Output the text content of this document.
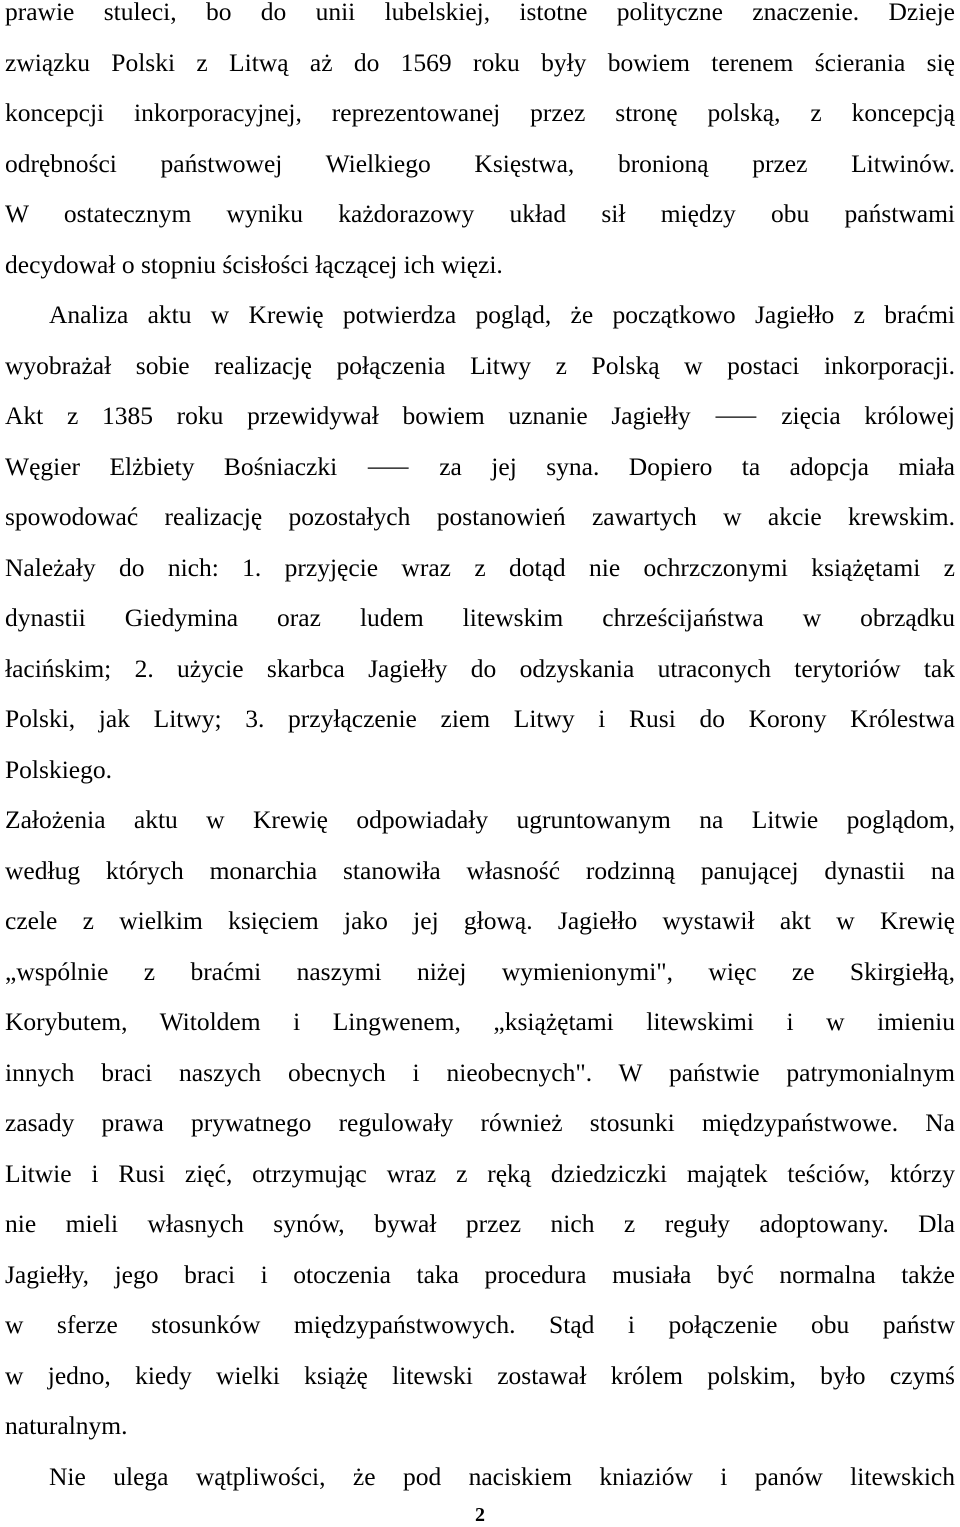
prawie stuleci, bo do unii lubelskiej, istotne polityczne znaczenie. Dzieje
związku Polski z Litwą aż do 1569 roku były bowiem terenem ścierania się
koncepcji inkorporacyjnej, reprezentowanej przez stronę polską, z koncepcją
odrębności państwowej Wielkiego Księstwa, bronioną przez Litwinów.
W ostatecznym wyniku każdorazowy układ sił między obu państwami
decydował o stopniu ścisłości łączącej ich więzi.
Analiza aktu w Krewię potwierdza pogląd, że początkowo Jagiełło z braćmi
wyobrażał sobie realizację połączenia Litwy z Polską w postaci inkorporacji.
Akt z 1385 roku przewidywał bowiem uznanie Jagiełły ⸺ zięcia królowej
Węgier Elżbiety Bośniaczki ⸺ za jej syna. Dopiero ta adopcja miała
spowodować realizację pozostałych postanowień zawartych w akcie krewskim.
Należały do nich: 1. przyjęcie wraz z dotąd nie ochrzczonymi książętami z
dynastii Giedymina oraz ludem litewskim chrześcijaństwa w obrządku
łacińskim; 2. użycie skarbca Jagiełły do odzyskania utraconych terytoriów tak
Polski, jak Litwy; 3. przyłączenie ziem Litwy i Rusi do Korony Królestwa
Polskiego.
Założenia aktu w Krewię odpowiadały ugruntowanym na Litwie poglądom,
według których monarchia stanowiła własność rodzinną panującej dynastii na
czele z wielkim księciem jako jej głową. Jagiełło wystawił akt w Krewię
„wspólnie z braćmi naszymi niżej wymienionymi", więc ze Skirgiełłą,
Korybutem, Witoldem i Lingwenem, „książętami litewskimi i w imieniu
innych braci naszych obecnych i nieobecnych". W państwie patrymonialnym
zasady prawa prywatnego regulowały również stosunki międzypaństwowe. Na
Litwie i Rusi zięć, otrzymując wraz z ręką dziedziczki majątek teściów, którzy
nie mieli własnych synów, bywał przez nich z reguły adoptowany. Dla
Jagiełły, jego braci i otoczenia taka procedura musiała być normalna także
w sferze stosunków międzypaństwowych. Stąd i połączenie obu państw
w jedno, kiedy wielki książę litewski zostawał królem polskim, było czymś
naturalnym.
Nie ulega wątpliwości, że pod naciskiem kniaziów i panów litewskich
2
